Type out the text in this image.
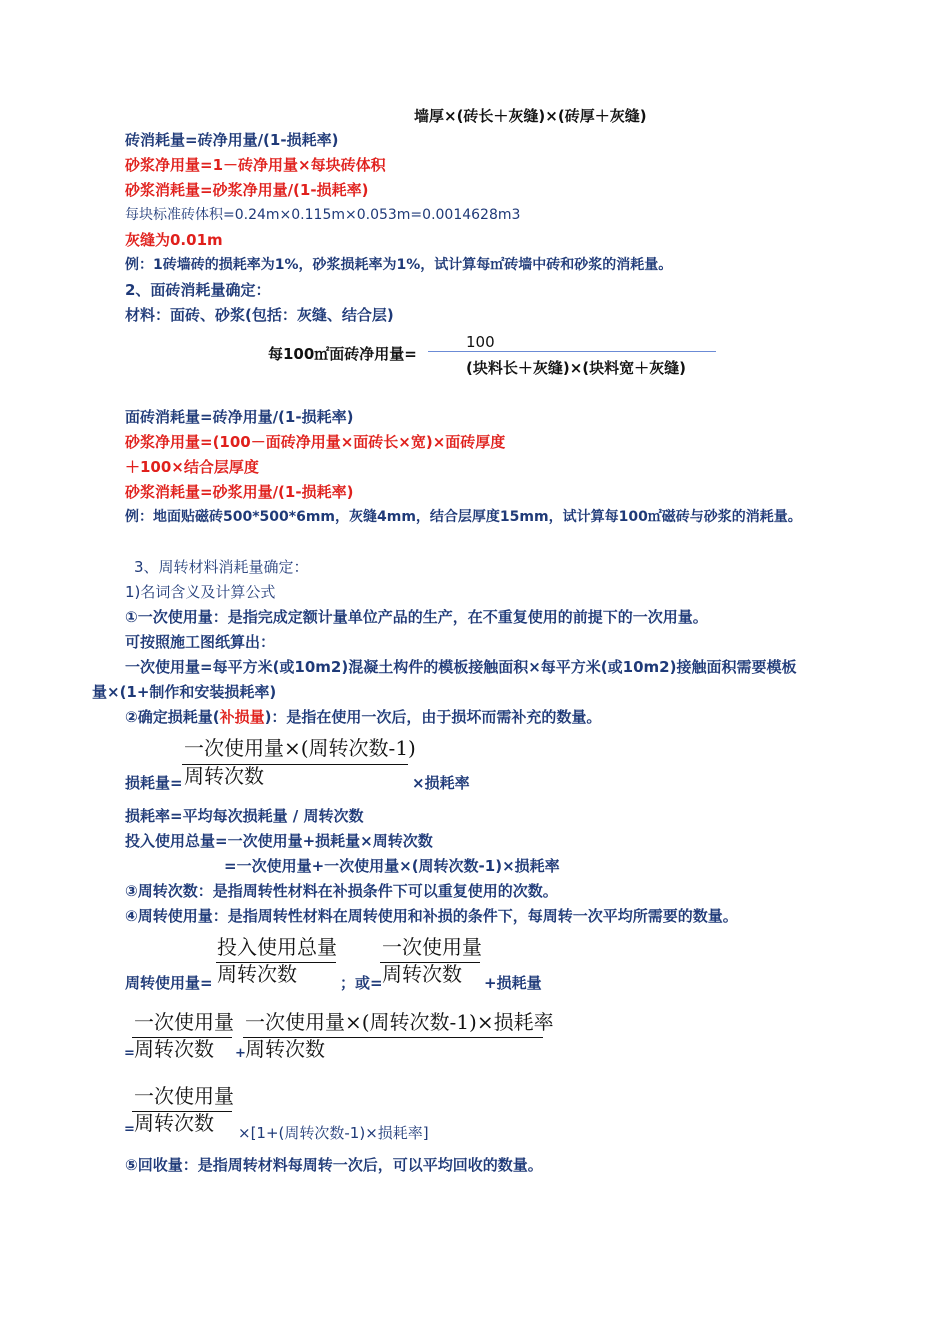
墙厚×(砖长＋灰缝)×(砖厚＋灰缝)
砖消耗量=砖净用量/(1-损耗率)
砂浆净用量=1－砖净用量×每块砖体积
砂浆消耗量=砂浆净用量/(1-损耗率)
每块标准砖体积=0.24m×0.115m×0.053m=0.0014628m3
灰缝为0.01m
例：1砖墙砖的损耗率为1%，砂浆损耗率为1%，试计算每㎡砖墙中砖和砂浆的消耗量。
2、面砖消耗量确定：
材料：面砖、砂浆(包括：灰缝、结合层)
每100㎡面砖净用量=
100
(块料长＋灰缝)×(块料宽＋灰缝)
面砖消耗量=砖净用量/(1-损耗率)
砂浆净用量=(100－面砖净用量×面砖长×宽)×面砖厚度
＋100×结合层厚度
砂浆消耗量=砂浆用量/(1-损耗率)
例：地面贴磁砖500*500*6mm，灰缝4mm，结合层厚度15mm，试计算每100㎡磁砖与砂浆的消耗量。
3、周转材料消耗量确定：
1)名词含义及计算公式
①一次使用量：是指完成定额计量单位产品的生产，在不重复使用的前提下的一次用量。
可按照施工图纸算出：
一次使用量=每平方米(或10m2)混凝土构件的模板接触面积×每平方米(或10m2)接触面积需要模板
量×(1+制作和安装损耗率)
②确定损耗量(补损量)：是指在使用一次后，由于损坏而需补充的数量。
一次使用量×(周转次数-1)
周转次数
损耗量=	×损耗率
损耗率=平均每次损耗量 / 周转次数
投入使用总量=一次使用量+损耗量×周转次数
=一次使用量+一次使用量×(周转次数-1)×损耗率
③周转次数：是指周转性材料在补损条件下可以重复使用的次数。
④周转使用量：是指周转性材料在周转使用和补损的条件下，每周转一次平均所需要的数量。
投入使用总量
周转次数
一次使用量
周转次数
周转使用量=	；或=	+损耗量
一次使用量
周转次数
一次使用量×(周转次数-1)×损耗率
周转次数
=	+
一次使用量
周转次数
=	×[1+(周转次数-1)×损耗率]
⑤回收量：是指周转材料每周转一次后，可以平均回收的数量。
